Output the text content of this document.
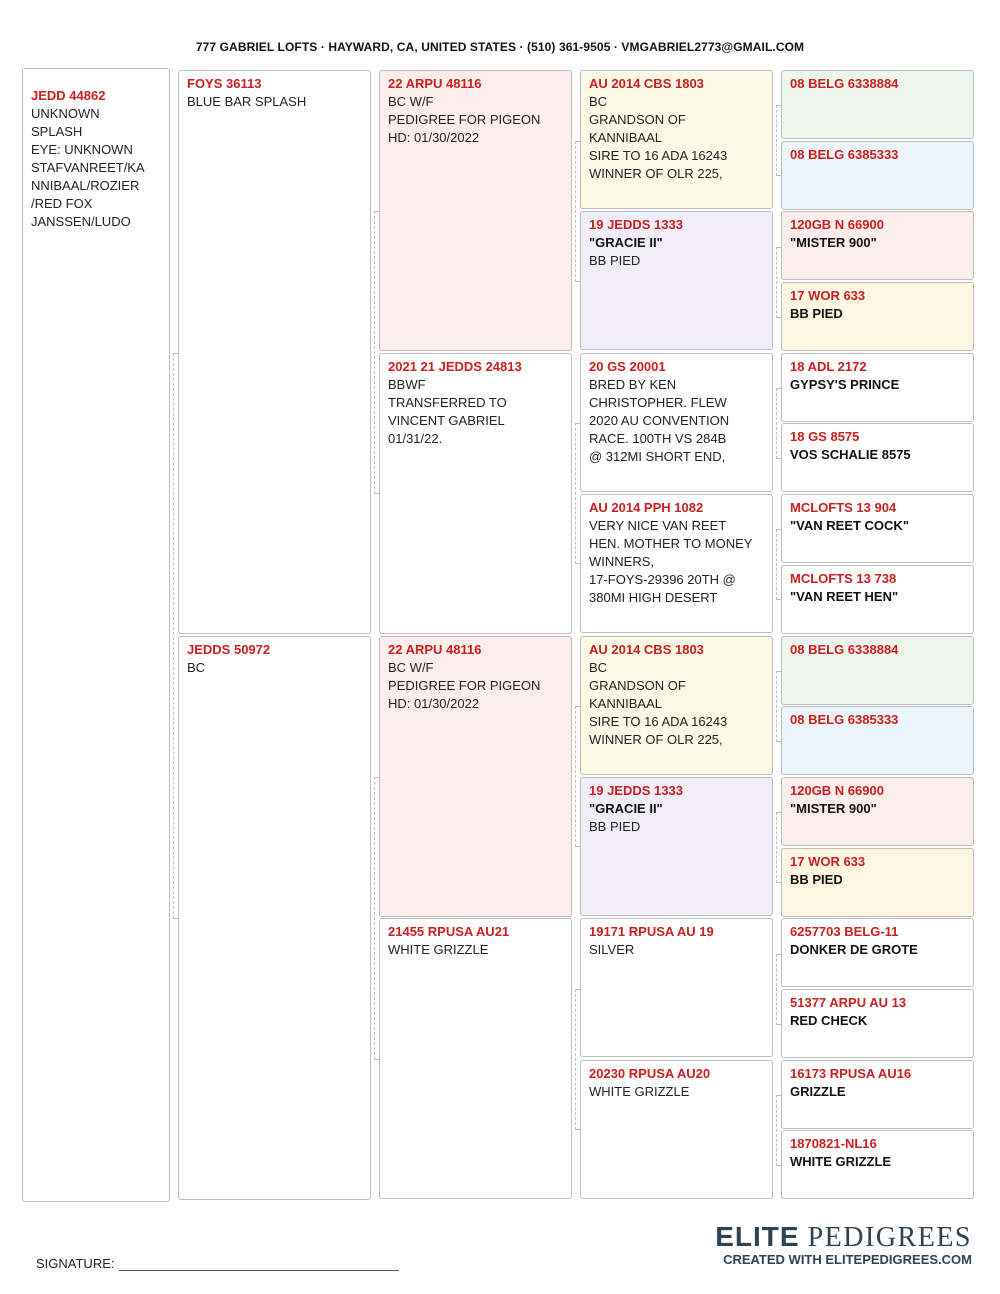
777 GABRIEL LOFTS · HAYWARD, CA, UNITED STATES · (510) 361-9505 · VMGABRIEL2773@GMAIL.COM
JEDD 44862
UNKNOWN
SPLASH
EYE: UNKNOWN
STAFVANREET/KA
NNIBAAL/ROZIER
/RED FOX
JANSSEN/LUDO
FOYS 36113
BLUE BAR SPLASH
JEDDS 50972
BC
22 ARPU 48116
BC W/F
PEDIGREE FOR PIGEON
HD: 01/30/2022
2021 21 JEDDS 24813
BBWF
TRANSFERRED TO
VINCENT GABRIEL
01/31/22.
22 ARPU 48116
BC W/F
PEDIGREE FOR PIGEON
HD: 01/30/2022
21455 RPUSA AU21
WHITE GRIZZLE
AU 2014 CBS 1803
BC
GRANDSON OF
KANNIBAAL
SIRE TO 16 ADA 16243
WINNER OF OLR 225,
19 JEDDS 1333
"GRACIE II"
BB PIED
20 GS 20001
BRED BY KEN
CHRISTOPHER. FLEW
2020 AU CONVENTION
RACE. 100TH VS 284B
@ 312MI SHORT END,
AU 2014 PPH 1082
VERY NICE VAN REET
HEN. MOTHER TO MONEY
WINNERS,
17-FOYS-29396 20TH @
380MI HIGH DESERT
AU 2014 CBS 1803
BC
GRANDSON OF
KANNIBAAL
SIRE TO 16 ADA 16243
WINNER OF OLR 225,
19 JEDDS 1333
"GRACIE II"
BB PIED
19171 RPUSA AU 19
SILVER
20230 RPUSA AU20
WHITE GRIZZLE
08 BELG 6338884
08 BELG 6385333
120GB N 66900
"MISTER 900"
17 WOR 633
BB PIED
18 ADL 2172
GYPSY'S PRINCE
18 GS 8575
VOS SCHALIE 8575
MCLOFTS 13 904
"VAN REET COCK"
MCLOFTS 13 738
"VAN REET HEN"
08 BELG 6338884
08 BELG 6385333
120GB N 66900
"MISTER 900"
17 WOR 633
BB PIED
6257703 BELG-11
DONKER DE GROTE
51377 ARPU AU 13
RED CHECK
16173 RPUSA AU16
GRIZZLE
1870821-NL16
WHITE GRIZZLE
SIGNATURE:
ELITE PEDIGREES
CREATED WITH ELITEPEDIGREES.COM
